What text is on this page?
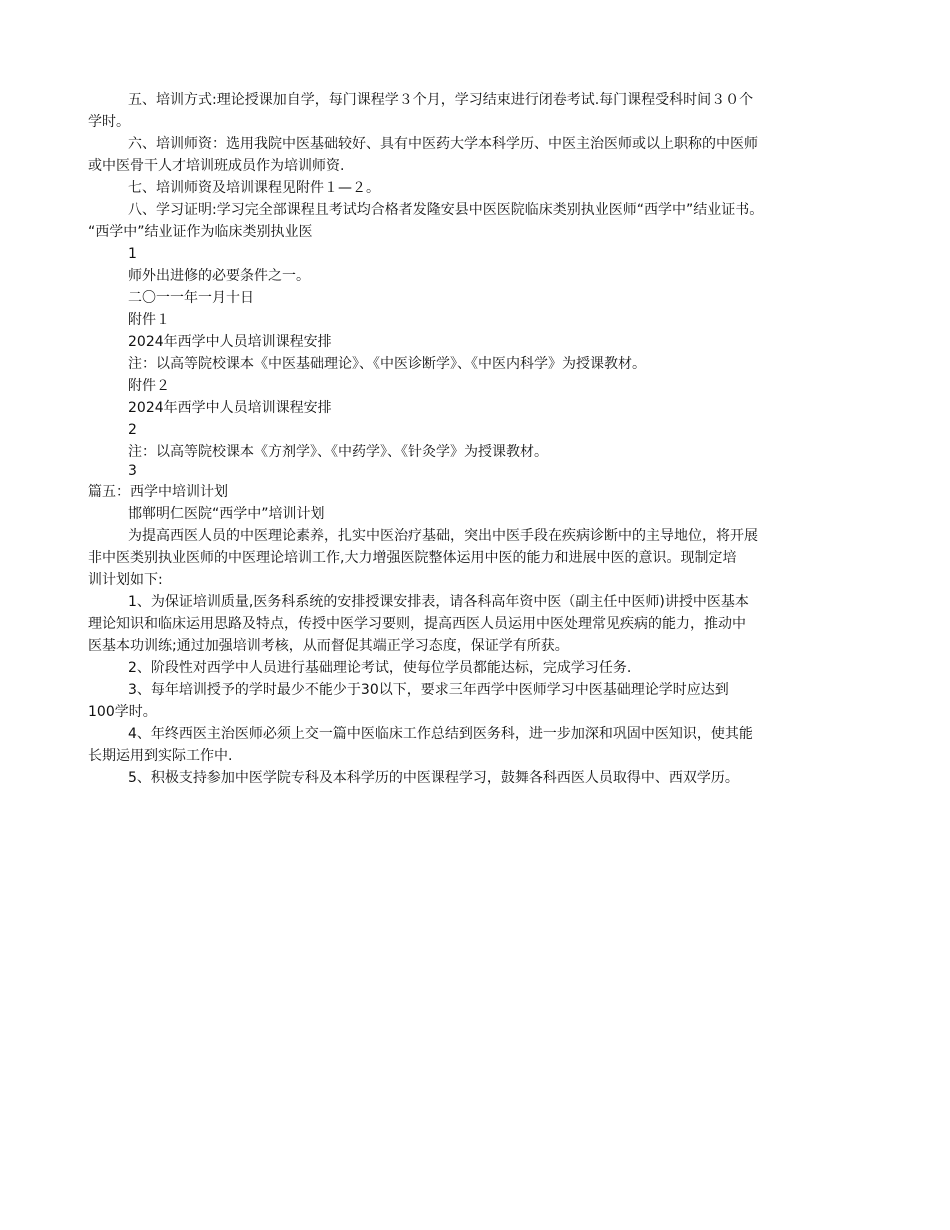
五、培训方式:理论授课加自学，每门课程学３个月，学习结束进行闭卷考试.每门课程受科时间３０个

学时。

六、培训师资：选用我院中医基础较好、具有中医药大学本科学历、中医主治医师或以上职称的中医师

或中医骨干人才培训班成员作为培训师资.

七、培训师资及培训课程见附件１—２。

八、学习证明:学习完全部课程且考试均合格者发隆安县中医医院临床类别执业医师“西学中”结业证书。

“西学中”结业证作为临床类别执业医

1

师外出进修的必要条件之一。

二〇一一年一月十日

附件１

2024年西学中人员培训课程安排

注：以高等院校课本《中医基础理论》、《中医诊断学》、《中医内科学》为授课教材。

附件２

2024年西学中人员培训课程安排

2

注：以高等院校课本《方剂学》、《中药学》、《针灸学》为授课教材。

3

篇五：西学中培训计划

邯郸明仁医院“西学中”培训计划

为提高西医人员的中医理论素养，扎实中医治疗基础，突出中医手段在疾病诊断中的主导地位，将开展

非中医类别执业医师的中医理论培训工作,大力增强医院整体运用中医的能力和进展中医的意识。现制定培

训计划如下:

1、为保证培训质量,医务科系统的安排授课安排表，请各科高年资中医（副主任中医师)讲授中医基本

理论知识和临床运用思路及特点，传授中医学习要则，提高西医人员运用中医处理常见疾病的能力，推动中

医基本功训练;通过加强培训考核，从而督促其端正学习态度，保证学有所获。

2、阶段性对西学中人员进行基础理论考试，使每位学员都能达标，完成学习任务.

3、每年培训授予的学时最少不能少于30以下，要求三年西学中医师学习中医基础理论学时应达到

100学时。

4、年终西医主治医师必须上交一篇中医临床工作总结到医务科，进一步加深和巩固中医知识，使其能

长期运用到实际工作中.

5、积极支持参加中医学院专科及本科学历的中医课程学习，鼓舞各科西医人员取得中、西双学历。
